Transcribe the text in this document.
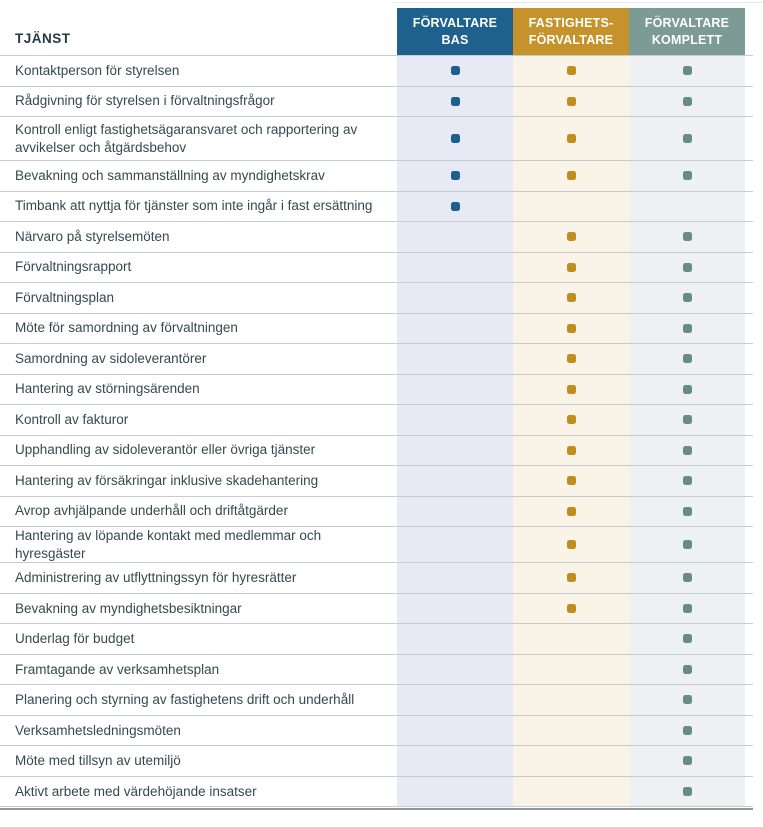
TJÄNST
FÖRVALTARE
BAS
FASTIGHETS-
FÖRVALTARE
FÖRVALTARE
KOMPLETT
Kontaktperson för styrelsen
Rådgivning för styrelsen i förvaltningsfrågor
Kontroll enligt fastighetsägaransvaret och rapportering av avvikelser och åtgärdsbehov
Bevakning och sammanställning av myndighetskrav
Timbank att nyttja för tjänster som inte ingår i fast ersättning
Närvaro på styrelsemöten
Förvaltningsrapport
Förvaltningsplan
Möte för samordning av förvaltningen
Samordning av sidoleverantörer
Hantering av störningsärenden
Kontroll av fakturor
Upphandling av sidoleverantör eller övriga tjänster
Hantering av försäkringar inklusive skadehantering
Avrop avhjälpande underhåll och driftåtgärder
Hantering av löpande kontakt med medlemmar och hyresgäster
Administrering av utflyttningssyn för hyresrätter
Bevakning av myndighetsbesiktningar
Underlag för budget
Framtagande av verksamhetsplan
Planering och styrning av fastighetens drift och underhåll
Verksamhetsledningsmöten
Möte med tillsyn av utemiljö
Aktivt arbete med värdehöjande insatser
